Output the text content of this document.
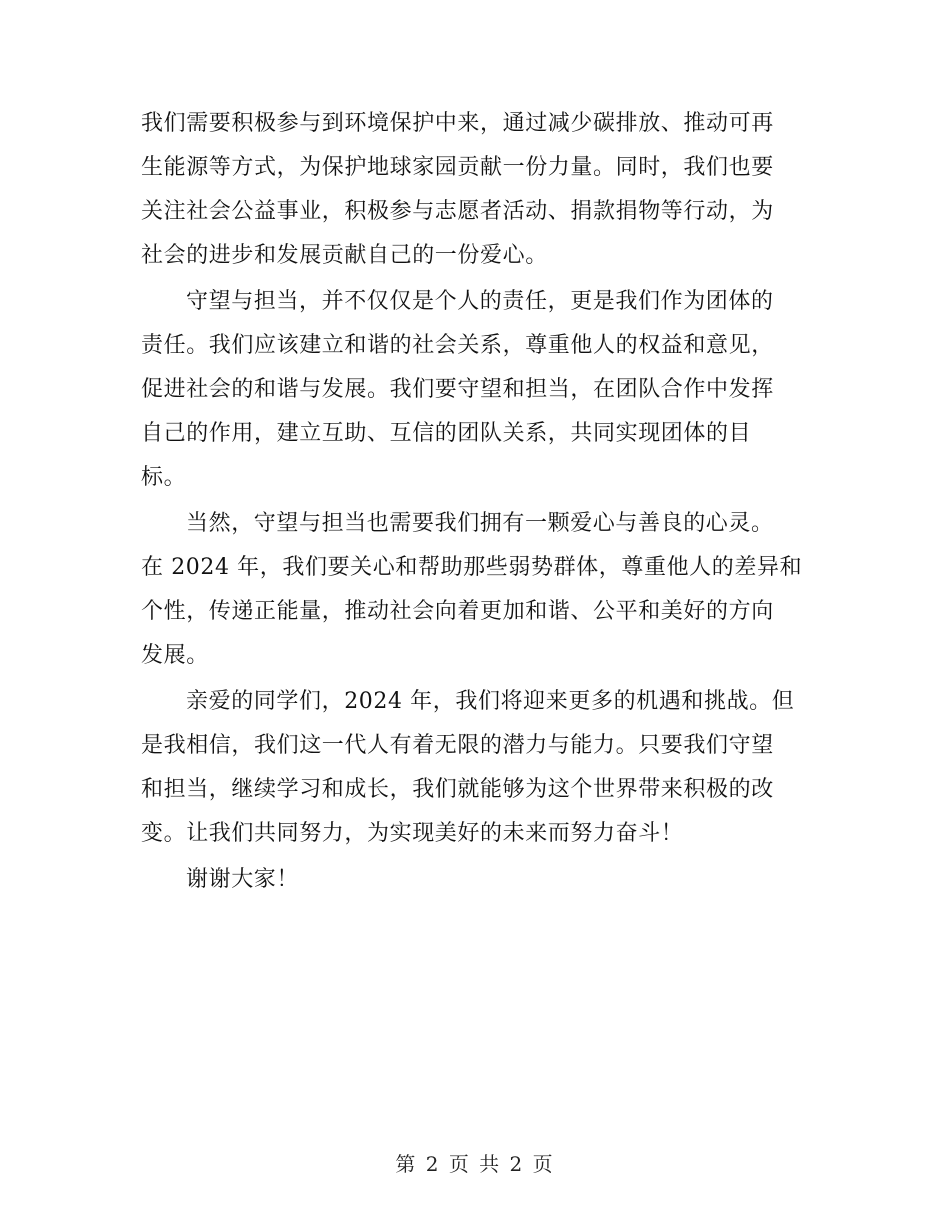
我们需要积极参与到环境保护中来，通过减少碳排放、推动可再
生能源等方式，为保护地球家园贡献一份力量。同时，我们也要
关注社会公益事业，积极参与志愿者活动、捐款捐物等行动，为
社会的进步和发展贡献自己的一份爱心。
守望与担当，并不仅仅是个人的责任，更是我们作为团体的
责任。我们应该建立和谐的社会关系，尊重他人的权益和意见，
促进社会的和谐与发展。我们要守望和担当，在团队合作中发挥
自己的作用，建立互助、互信的团队关系，共同实现团体的目
标。
当然，守望与担当也需要我们拥有一颗爱心与善良的心灵。
在 2024 年，我们要关心和帮助那些弱势群体，尊重他人的差异和
个性，传递正能量，推动社会向着更加和谐、公平和美好的方向
发展。
亲爱的同学们，2024 年，我们将迎来更多的机遇和挑战。但
是我相信，我们这一代人有着无限的潜力与能力。只要我们守望
和担当，继续学习和成长，我们就能够为这个世界带来积极的改
变。让我们共同努力，为实现美好的未来而努力奋斗！
谢谢大家！
第 2 页 共 2 页
